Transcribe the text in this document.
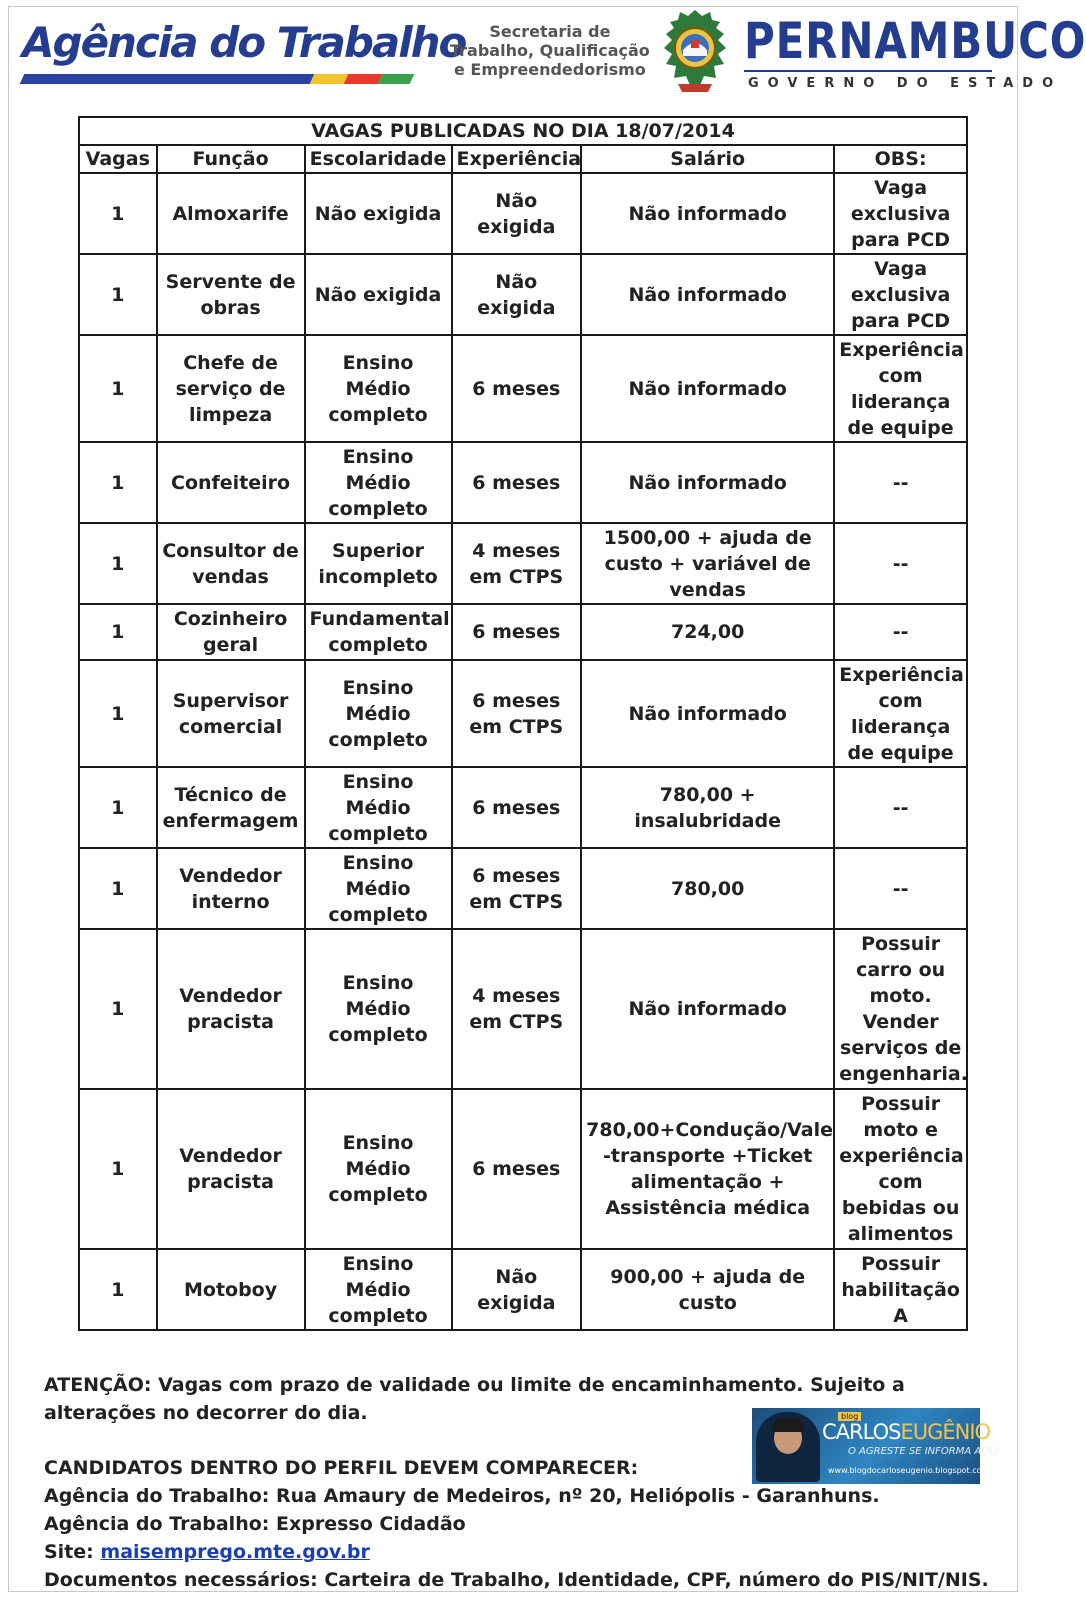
Agência do Trabalho	Secretaria de
Trabalho, Qualificação
e Empreendedorismo PERNAMBUCO
GOVERNO DO ESTADO
VAGAS PUBLICADAS NO DIA 18/07/2014					
Vagas	Função	Escolaridade	Experiência	Salário	OBS:
1	Almoxarife	Não exigida	Não exigida	Não informado	Vaga exclusiva para PCD
1	Servente de obras	Não exigida	Não exigida	Não informado	Vaga exclusiva para PCD
1	Chefe de serviço de limpeza	Ensino Médio completo	6 meses	Não informado	Experiência com liderança de equipe
1	Confeiteiro	Ensino Médio completo	6 meses	Não informado	--
1	Consultor de vendas	Superior incompleto	4 meses em CTPS	1500,00 + ajuda de custo + variável de vendas	--
1	Cozinheiro geral	Fundamental completo	6 meses	724,00	--
1	Supervisor comercial	Ensino Médio completo	6 meses em CTPS	Não informado	Experiência com liderança de equipe
1	Técnico de enfermagem	Ensino Médio completo	6 meses	780,00 + insalubridade	--
1	Vendedor interno	Ensino Médio completo	6 meses em CTPS	780,00	--
1	Vendedor pracista	Ensino Médio completo	4 meses em CTPS	Não informado	Possuir carro ou moto. Vender serviços de engenharia.
1	Vendedor pracista	Ensino Médio completo	6 meses	780,00+Condução/Vale -transporte +Ticket alimentação + Assistência médica	Possuir moto e experiência com bebidas ou alimentos
1	Motoboy	Ensino Médio completo	Não exigida	900,00 + ajuda de custo	Possuir habilitação A

ATENÇÃO: Vagas com prazo de validade ou limite de encaminhamento. Sujeito a alterações no decorrer do dia.

CANDIDATOS DENTRO DO PERFIL DEVEM COMPARECER:

Agência do Trabalho: Rua Amaury de Medeiros, nº 20, Heliópolis - Garanhuns.

Agência do Trabalho: Expresso Cidadão

Site: maisemprego.mte.gov.br

Documentos necessários: Carteira de Trabalho, Identidade, CPF, número do PIS/NIT/NIS.

blog
CARLOSEUGÊNIO
O AGRESTE SE INFORMA AQUI
www.blogdocarloseugenio.blogspot.com.br
